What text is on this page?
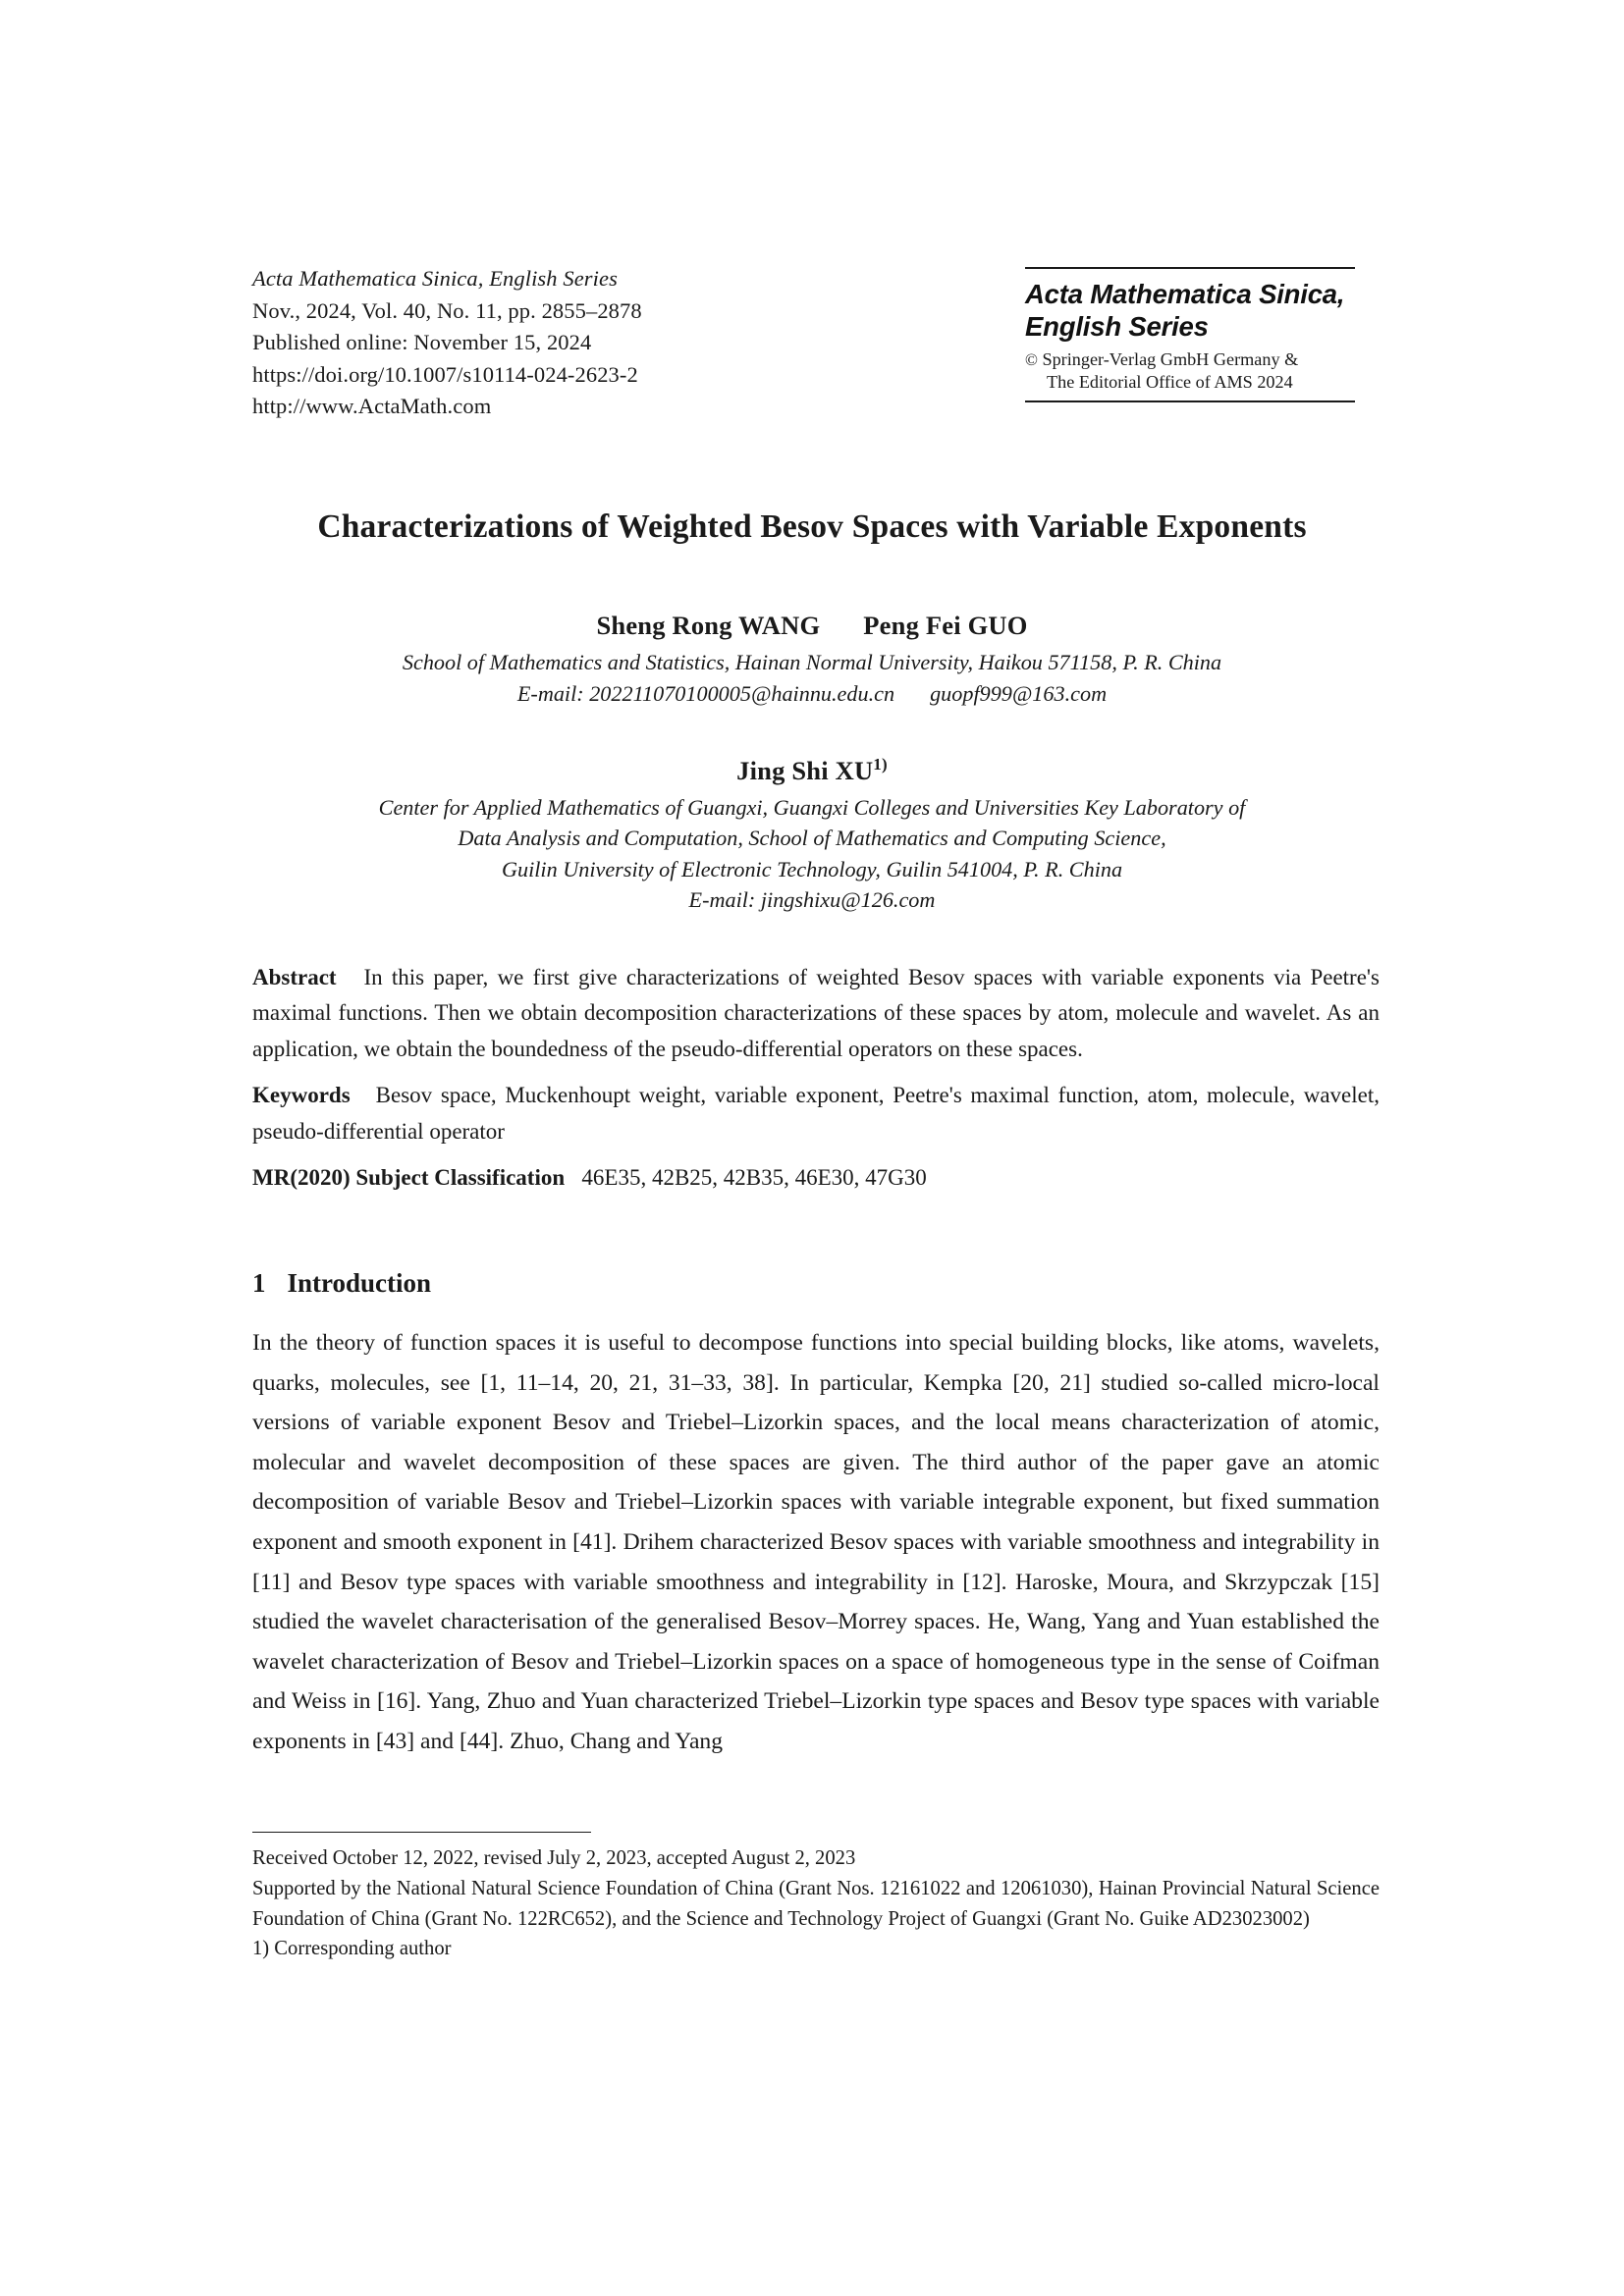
Acta Mathematica Sinica, English Series
Nov., 2024, Vol. 40, No. 11, pp. 2855–2878
Published online: November 15, 2024
https://doi.org/10.1007/s10114-024-2623-2
http://www.ActaMath.com
Acta Mathematica Sinica,
English Series
© Springer-Verlag GmbH Germany &
The Editorial Office of AMS 2024
Characterizations of Weighted Besov Spaces with Variable Exponents
Sheng Rong WANG Peng Fei GUO
School of Mathematics and Statistics, Hainan Normal University, Haikou 571158, P. R. China
E-mail: 202211070100005@hainnu.edu.cn guopf999@163.com
Jing Shi XU$^{1)}$
Center for Applied Mathematics of Guangxi, Guangxi Colleges and Universities Key Laboratory of
Data Analysis and Computation, School of Mathematics and Computing Science,
Guilin University of Electronic Technology, Guilin 541004, P. R. China
E-mail: jingshixu@126.com

Abstract In this paper, we first give characterizations of weighted Besov spaces with variable exponents via Peetre's maximal functions. Then we obtain decomposition characterizations of these spaces by atom, molecule and wavelet. As an application, we obtain the boundedness of the pseudo-differential operators on these spaces.

Keywords Besov space, Muckenhoupt weight, variable exponent, Peetre's maximal function, atom, molecule, wavelet, pseudo-differential operator

MR(2020) Subject Classification 46E35, 42B25, 42B35, 46E30, 47G30

1 Introduction

In the theory of function spaces it is useful to decompose functions into special building blocks, like atoms, wavelets, quarks, molecules, see [1, 11–14, 20, 21, 31–33, 38]. In particular, Kempka [20, 21] studied so-called micro-local versions of variable exponent Besov and Triebel–Lizorkin spaces, and the local means characterization of atomic, molecular and wavelet decomposition of these spaces are given. The third author of the paper gave an atomic decomposition of variable Besov and Triebel–Lizorkin spaces with variable integrable exponent, but fixed summation exponent and smooth exponent in [41]. Drihem characterized Besov spaces with variable smoothness and integrability in [11] and Besov type spaces with variable smoothness and integrability in [12]. Haroske, Moura, and Skrzypczak [15] studied the wavelet characterisation of the generalised Besov–Morrey spaces. He, Wang, Yang and Yuan established the wavelet characterization of Besov and Triebel–Lizorkin spaces on a space of homogeneous type in the sense of Coifman and Weiss in [16]. Yang, Zhuo and Yuan characterized Triebel–Lizorkin type spaces and Besov type spaces with variable exponents in [43] and [44]. Zhuo, Chang and Yang

Received October 12, 2022, revised July 2, 2023, accepted August 2, 2023
Supported by the National Natural Science Foundation of China (Grant Nos. 12161022 and 12061030), Hainan Provincial Natural Science Foundation of China (Grant No. 122RC652), and the Science and Technology Project of Guangxi (Grant No. Guike AD23023002)
1) Corresponding author
